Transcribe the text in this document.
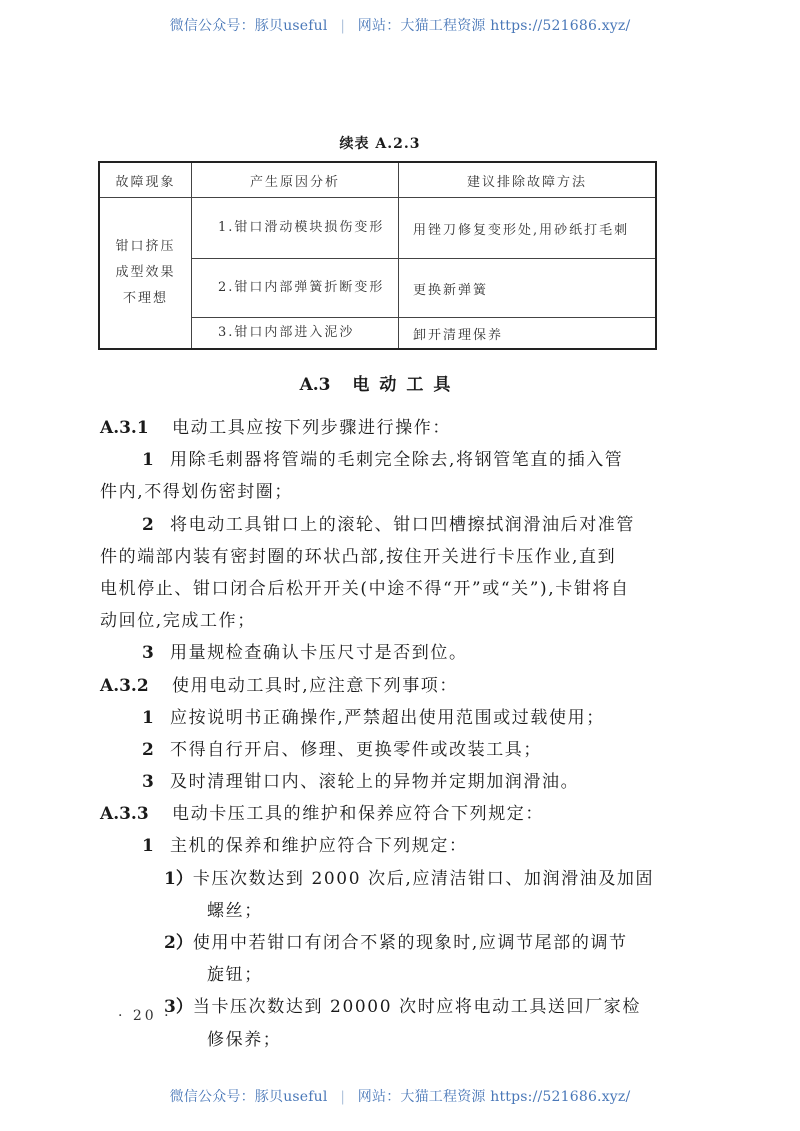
微信公众号：豚贝useful | 网站：大猫工程资源 https://521686.xyz/
续表 A.2.3
故障现象	产生原因分析	建议排除故障方法

钳口挤压
成型效果
不理想	1.钳口滑动模块损伤变形	用锉刀修复变形处,用砂纸打毛刺

	2.钳口内部弹簧折断变形	更换新弹簧

	3.钳口内部进入泥沙	卸开清理保养
A.3 电动工具
A.3.1 电动工具应按下列步骤进行操作：
1 用除毛刺器将管端的毛刺完全除去,将钢管笔直的插入管
件内,不得划伤密封圈；
2 将电动工具钳口上的滚轮、钳口凹槽擦拭润滑油后对准管
件的端部内装有密封圈的环状凸部,按住开关进行卡压作业,直到
电机停止、钳口闭合后松开开关(中途不得“开”或“关”),卡钳将自
动回位,完成工作；
3 用量规检查确认卡压尺寸是否到位。
A.3.2 使用电动工具时,应注意下列事项：
1 应按说明书正确操作,严禁超出使用范围或过载使用；
2 不得自行开启、修理、更换零件或改装工具；
3 及时清理钳口内、滚轮上的异物并定期加润滑油。
A.3.3 电动卡压工具的维护和保养应符合下列规定：
1 主机的保养和维护应符合下列规定：
1）卡压次数达到 2000 次后,应清洁钳口、加润滑油及加固
螺丝；
2）使用中若钳口有闭合不紧的现象时,应调节尾部的调节
旋钮；
3）当卡压次数达到 20000 次时应将电动工具送回厂家检
修保养；
· 20 ·
微信公众号：豚贝useful | 网站：大猫工程资源 https://521686.xyz/
